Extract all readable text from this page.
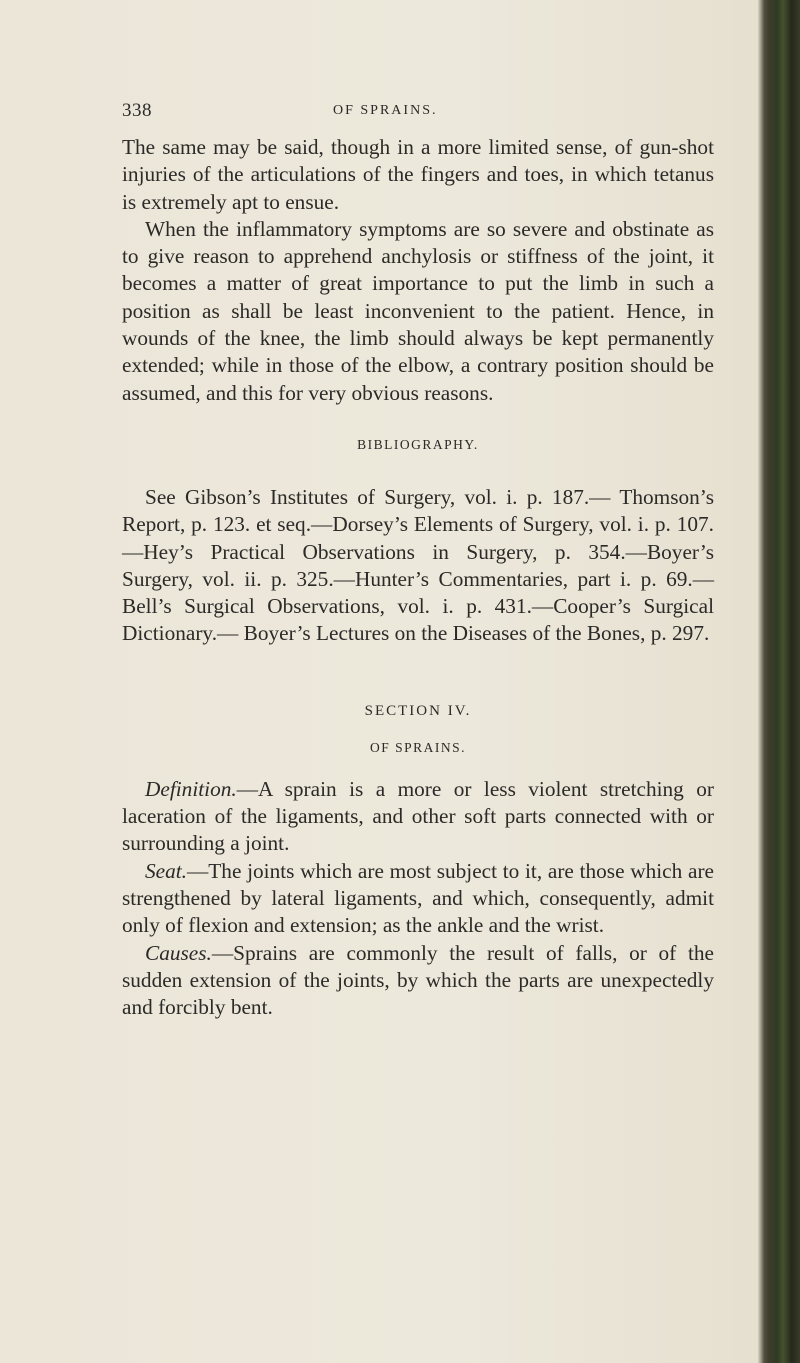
338	OF SPRAINS.

The same may be said, though in a more limited sense, of gun-shot injuries of the articulations of the fingers and toes, in which tetanus is extremely apt to ensue.

When the inflammatory symptoms are so severe and obstinate as to give reason to apprehend anchylosis or stiffness of the joint, it becomes a matter of great importance to put the limb in such a position as shall be least inconvenient to the patient. Hence, in wounds of the knee, the limb should always be kept permanently extended; while in those of the elbow, a contrary position should be assumed, and this for very obvious reasons.

BIBLIOGRAPHY.

See Gibson’s Institutes of Surgery, vol. i. p. 187.— Thomson’s Report, p. 123. et seq.—Dorsey’s Elements of Surgery, vol. i. p. 107.—Hey’s Practical Observations in Surgery, p. 354.—Boyer’s Surgery, vol. ii. p. 325.—Hunter’s Commentaries, part i. p. 69.—Bell’s Surgical Observations, vol. i. p. 431.—Cooper’s Surgical Dictionary.— Boyer’s Lectures on the Diseases of the Bones, p. 297.

SECTION IV.
OF SPRAINS.

Definition.—A sprain is a more or less violent stretching or laceration of the ligaments, and other soft parts connected with or surrounding a joint.

Seat.—The joints which are most subject to it, are those which are strengthened by lateral ligaments, and which, consequently, admit only of flexion and extension; as the ankle and the wrist.

Causes.—Sprains are commonly the result of falls, or of the sudden extension of the joints, by which the parts are unexpectedly and forcibly bent.
